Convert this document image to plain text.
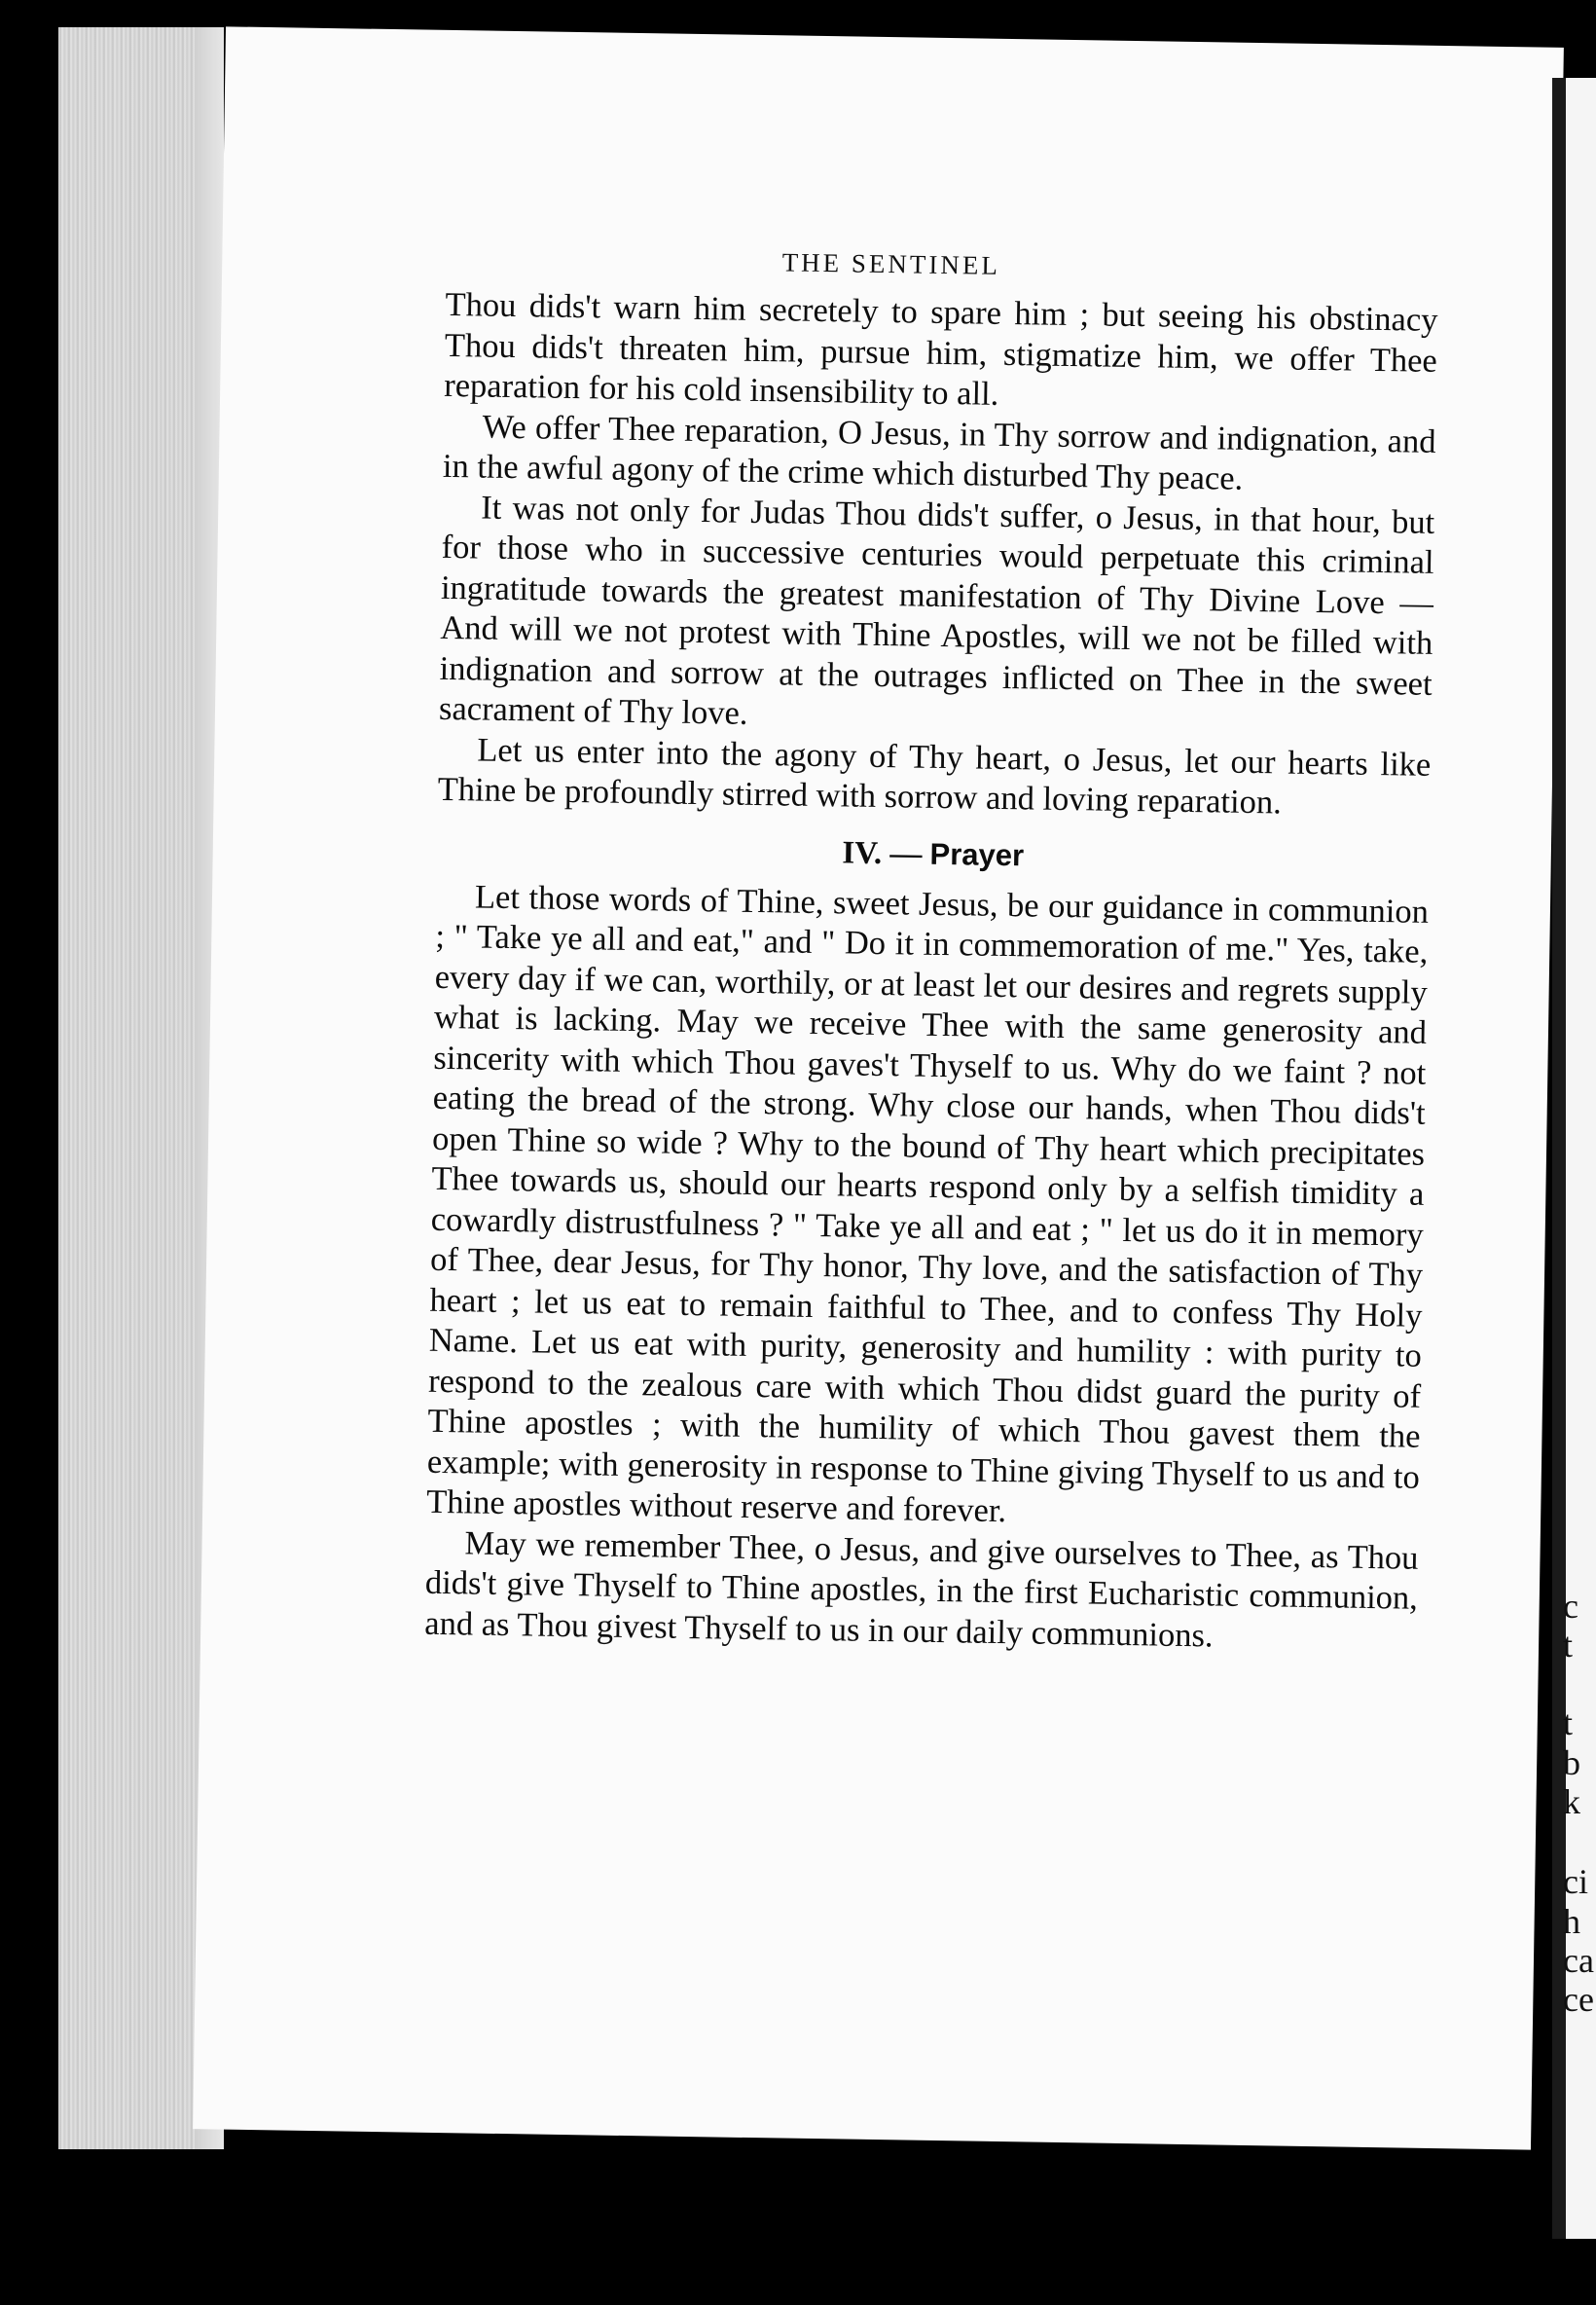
THE SENTINEL

Thou dids't warn him secretely to spare him ; but seeing his obstinacy Thou dids't threaten him, pursue him, stigmatize him, we offer Thee reparation for his cold insensibility to all.

We offer Thee reparation, O Jesus, in Thy sorrow and indignation, and in the awful agony of the crime which disturbed Thy peace.

It was not only for Judas Thou dids't suffer, o Jesus, in that hour, but for those who in successive centuries would perpetuate this criminal ingratitude towards the greatest manifestation of Thy Divine Love — And will we not protest with Thine Apostles, will we not be filled with indignation and sorrow at the outrages inflicted on Thee in the sweet sacrament of Thy love.

Let us enter into the agony of Thy heart, o Jesus, let our hearts like Thine be profoundly stirred with sorrow and loving reparation.

IV. — Prayer

Let those words of Thine, sweet Jesus, be our guidance in communion ; " Take ye all and eat," and " Do it in commemoration of me." Yes, take, every day if we can, worthily, or at least let our desires and regrets supply what is lacking. May we receive Thee with the same generosity and sincerity with which Thou gaves't Thyself to us. Why do we faint ? not eating the bread of the strong. Why close our hands, when Thou dids't open Thine so wide ? Why to the bound of Thy heart which precipitates Thee towards us, should our hearts respond only by a selfish timidity a cowardly distrustfulness ? " Take ye all and eat ; " let us do it in memory of Thee, dear Jesus, for Thy honor, Thy love, and the satisfaction of Thy heart ; let us eat to remain faithful to Thee, and to confess Thy Holy Name. Let us eat with purity, generosity and humility : with purity to respond to the zealous care with which Thou didst guard the purity of Thine apostles ; with the humility of which Thou gavest them the example; with generosity in response to Thine giving Thyself to us and to Thine apostles without reserve and forever.

May we remember Thee, o Jesus, and give ourselves to Thee, as Thou dids't give Thyself to Thine apostles, in the first Eucharistic communion, and as Thou givest Thyself to us in our daily communions.	c
t
t
b
k
ci
h
ca
ce
